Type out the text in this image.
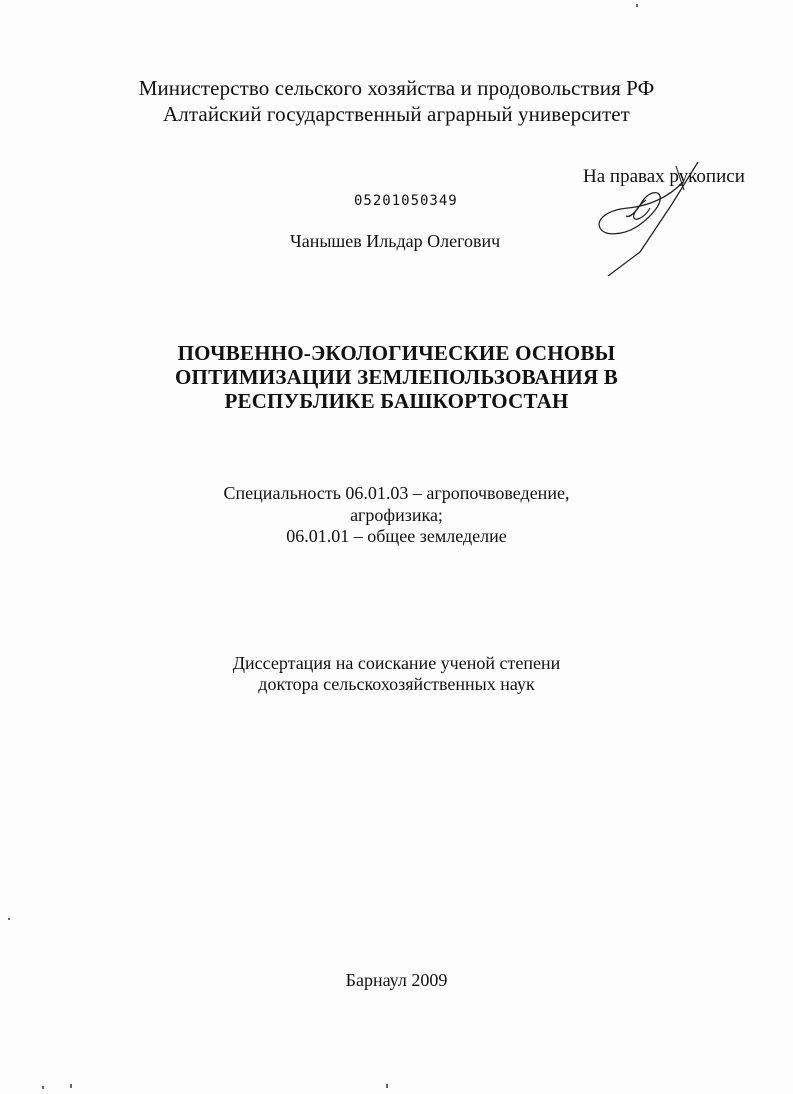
Министерство сельского хозяйства и продовольствия РФ
Алтайский государственный аграрный университет
На правах рукописи
05201050349
Чанышев Ильдар Олегович
ПОЧВЕННО-ЭКОЛОГИЧЕСКИЕ ОСНОВЫ
ОПТИМИЗАЦИИ ЗЕМЛЕПОЛЬЗОВАНИЯ В
РЕСПУБЛИКЕ БАШКОРТОСТАН
Специальность 06.01.03 – агропочвоведение,
агрофизика;
06.01.01 – общее земледелие
Диссертация на соискание ученой степени
доктора сельскохозяйственных наук
Барнаул 2009
